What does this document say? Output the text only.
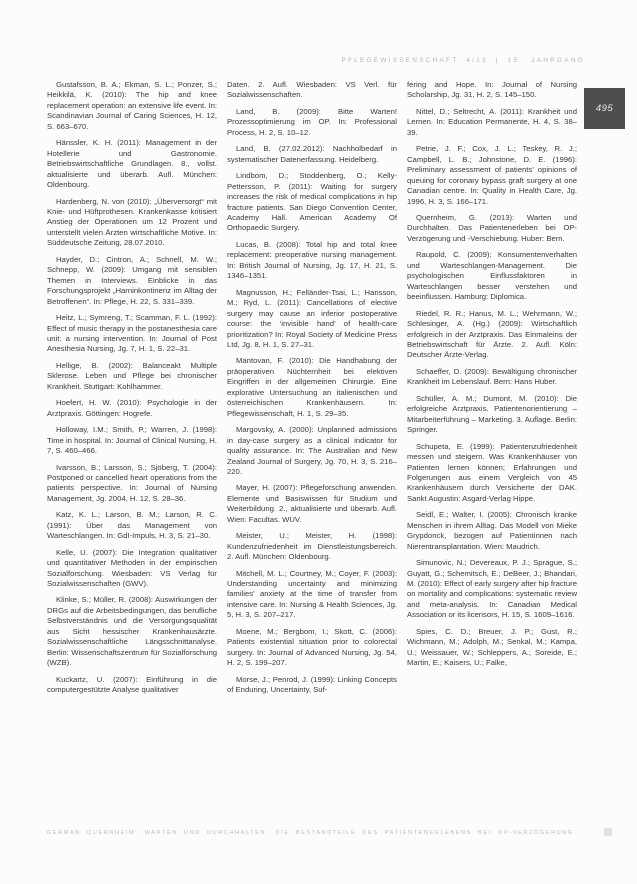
PFLEGEWISSENSCHAFT 4/13 | 15. JAHRGANG
495

Gustafsson, B. A.; Ekman, S. L.; Ponzer, S.; Heikkilä, K. (2010): The hip and knee replacement operation: an extensive life event. In: Scandinavian Journal of Caring Sciences, H. 12, S. 663–670.

Hänssler, K. H. (2011): Management in der Hotellerie und Gastronomie. Betriebswirtschaftliche Grundlagen. 8., vollst. aktualisierte und überarb. Aufl. München: Oldenbourg.

Hardenberg, N. von (2010): „Überversorgt“ mit Knie- und Hüftprothesen. Krankenkasse kritisiert Anstieg der Operationen um 12 Prozent und unterstellt vielen Ärzten wirtschaftliche Motive. In: Süddeutsche Zeitung, 28.07.2010.

Hayder, D.; Cintron, A.; Schnell, M. W.; Schnepp, W. (2009): Umgang mit sensiblen Themen in Interviews. Einblicke in das Forschungsprojekt „Harninkontinenz im Alltag der Betroffenen“. In: Pflege, H. 22, S. 331–339.

Heitz, L.; Symreng, T.; Scamman, F. L. (1992): Effect of music therapy in the postanesthesia care unit: a nursing intervention. In: Journal of Post Anesthesia Nursing, Jg. 7, H. 1, S. 22–31.

Hellige, B. (2002): Balanceakt Multiple Sklerose. Leben und Pflege bei chronischer Krankheit. Stuttgart: Kohlhammer.

Hoefert, H. W. (2010): Psychologie in der Arztpraxis. Göttingen: Hogrefe.

Holloway, I.M.; Smith, P.; Warren, J. (1998): Time in hospital. In: Journal of Clinical Nursing, H. 7, S. 460–466.

Ivarsson, B.; Larsson, S.; Sjöberg, T. (2004): Postponed or cancelled heart operations from the patients perspective. In: Journal of Nursing Management, Jg. 2004, H. 12, S. 28–36.

Katz, K. L.; Larson, B. M.; Larson, R. C. (1991): Über das Management von Warteschlangen. In: GdI-Impuls, H. 3, S. 21–30.

Kelle, U. (2007): Die Integration qualitativer und quantitativer Methoden in der empirischen Sozialforschung. Wiesbaden: VS Verlag für Sozialwissenschaften (GWV).

Klinke, S.; Müller, R. (2008): Auswirkungen der DRGs auf die Arbeitsbedingungen, das berufliche Selbstverständnis und die Versorgungsqualität aus Sicht hessischer Krankenhausärzte. Sozialwissenschaftliche Längsschnittanalyse. Berlin: Wissenschaftszentrum für Sozialforschung (WZB).

Kuckartz, U. (2007): Einführung in die computergestützte Analyse qualitativer

Daten. 2. Aufl. Wiesbaden: VS Verl. für Sozialwissenschaften.

Land, B. (2009): Bitte Warten! Prozessoptimierung im OP. In: Professional Process, H. 2, S. 10–12.

Land, B. (27.02.2012): Nachholbedarf in systematischer Datenerfassung. Heidelberg.

Lindbom, D.; Stoddenberg, O.; Kelly-Pettersson, P. (2011): Waiting for surgery increases the risk of medical complications in hip fracture patients. San Diego Convention Center, Academy Hall. American Academy Of Orthopaedic Surgery.

Lucas, B. (2008): Total hip and total knee replacement: preoperative nursing management. In: British Journal of Nursing, Jg. 17, H. 21, S. 1346–1351.

Magnusson, H.; Felländer-Tsai, L.; Hansson, M.; Ryd, L. (2011): Cancellations of elective surgery may cause an inferior postoperative course: the ‘invisible hand’ of health-care prioritization? In: Royal Society of Medicine Press Ltd, Jg. 8, H. 1, S. 27–31.

Mantovan, F. (2010): Die Handhabung der präoperativen Nüchternheit bei elektiven Eingriffen in der allgemeinen Chirurgie. Eine explorative Untersuchung an italienischen und österreichischen Krankenhäusern. In: Pflegewissenschaft, H. 1, S. 29–35.

Margovsky, A. (2000): Unplanned admissions in day-case surgery as a clinical indicator for quality assurance. In: The Australian and New Zealand Journal of Surgery, Jg. 70, H. 3, S. 216–220.

Mayer, H. (2007): Pflegeforschung anwenden. Elemente und Basiswissen für Studium und Weiterbildung. 2., aktualisierte und überarb. Aufl. Wien: Facultas. WUV.

Meister, U.; Meister, H. (1998): Kundenzufriedenheit im Dienstleistungsbereich. 2. Aufl. München: Oldenbourg.

Mitchell, M. L.; Courtney, M.; Coyer, F. (2003): Understanding uncertainty and minimizing families’ anxiety at the time of transfer from intensive care. In: Nursing & Health Sciences, Jg. 5, H. 3, S. 207–217.

Moene, M.; Bergbom, I.; Skott, C. (2006): Patients existential situation prior to colorectal surgery. In: Journal of Advanced Nursing, Jg. 54, H. 2, S. 199–207.

Morse, J.; Penrod, J. (1999): Linking Concepts of Enduring, Uncertainty, Suf-

fering and Hope. In: Journal of Nursing Scholarship, Jg. 31, H. 2, S. 145–150.

Nittel, D.; Seltrecht, A. (2011): Krankheit und Lernen. In: Education Permanente, H. 4, S. 38–39.

Petrie, J. F.; Cox, J. L.; Teskey, R. J.; Campbell, L. B.; Johnstone, D. E. (1996): Preliminary assessment of patients’ opinions of queuing for coronary bypass graft surgery at one Canadian centre. In: Quality in Health Care, Jg. 1996, H. 3, S. 166–171.

Quernheim, G. (2013): Warten und Durchhalten. Das Patientenerleben bei OP-Verzögerung und -Verschiebung. Huber: Bern.

Raupold, C. (2009): Konsumentenverhalten und Warteschlangen-Management. Die psychologischen Einflussfaktoren in Warteschlangen besser verstehen und beeinflussen. Hamburg: Diplomica.

Riedel, R. R.; Hanus, M. L.; Wehrmann, W.; Schlesinger, A. (Hg.) (2009): Wirtschaftlich erfolgreich in der Arztpraxis. Das Einmaleins der Betriebswirtschaft für Ärzte. 2. Aufl. Köln: Deutscher Ärzte-Verlag.

Schaeffer, D. (2009): Bewältigung chronischer Krankheit im Lebenslauf. Bern: Hans Huber.

Schüller, A. M.; Dumont, M. (2010): Die erfolgreiche Arztpraxis. Patientenorientierung – Mitarbeiterführung – Marketing. 3. Auflage. Berlin: Springer.

Schupeta, E. (1999): Patientenzufriedenheit messen und steigern. Was Krankenhäuser von Patienten lernen können; Erfahrungen und Folgerungen aus einem Vergleich von 45 Krankenhäusern durch Versicherte der DAK. Sankt Augustin: Asgard-Verlag Hippe.

Seidl, E.; Walter, I. (2005): Chronisch kranke Menschen in ihrem Alltag. Das Modell von Mieke Grypdonck, bezogen auf Patientinnen nach Nierentransplantation. Wien: Maudrich.

Simunovic, N.; Devereaux, P. J.; Sprague, S.; Guyatt, G.; Schemitsch, E.; DeBeer, J.; Bhandari, M. (2010): Effect of early surgery after hip fracture on mortality and complications: systematic review and meta-analysis. In: Canadian Medical Association or its licensors, H. 15, S. 1609–1616.

Spies, C. D.; Breuer, J. P.; Gust, R.; Wichmann, M.; Adolph, M.; Senkal, M.; Kampa, U.; Weissauer, W.; Schleppers, A.; Soreide, E.; Martin, E.; Kaisers, U.; Falke,

GERMAN QUERNHEIM: WARTEN UND DURCHHALTEN. DIE BESTANDTEILE DES PATIENTENERLEBENS BEI OP-VERZÖGERUNG
